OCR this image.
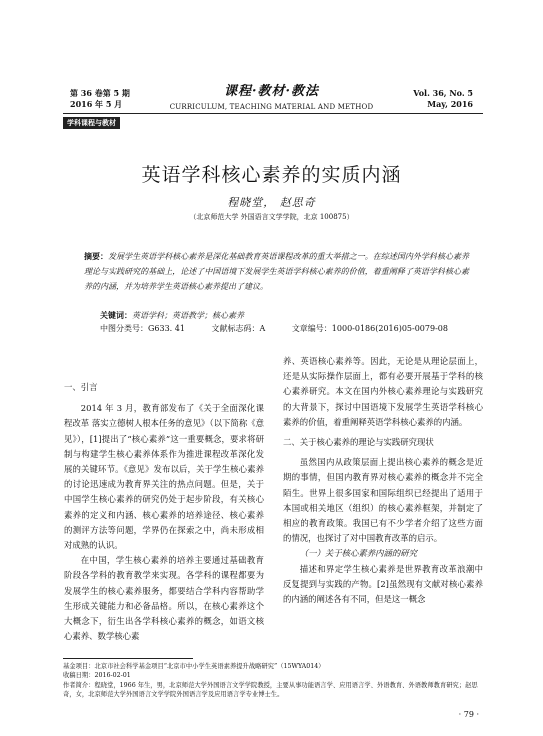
第 36 卷第 5 期
2016 年 5 月
课程·教材·教法
CURRICULUM, TEACHING MATERIAL AND METHOD
Vol. 36, No. 5
May, 2016
学科课程与教材
英语学科核心素养的实质内涵
程晓堂， 赵思奇
（北京师范大学 外国语言文学学院，北京 100875）
摘要：发展学生英语学科核心素养是深化基础教育英语课程改革的重大举措之一。在综述国内外学科核心素养理论与实践研究的基础上，论述了中国语境下发展学生英语学科核心素养的价值，着重阐释了英语学科核心素养的内涵，并为培养学生英语核心素养提出了建议。
关键词：英语学科；英语教学；核心素养
中图分类号：G633. 41	文献标志码：A	文章编号：1000-0186(2016)05-0079-08

一、引言

2014 年 3 月，教育部发布了《关于全面深化课程改革 落实立德树人根本任务的意见》（以下简称《意见》），[1]提出了“核心素养”这一重要概念，要求将研制与构建学生核心素养体系作为推进课程改革深化发展的关键环节。《意见》发布以后，关于学生核心素养的讨论迅速成为教育界关注的热点问题。但是，关于中国学生核心素养的研究仍处于起步阶段，有关核心素养的定义和内涵、核心素养的培养途径、核心素养的测评方法等问题，学界仍在探索之中，尚未形成相对成熟的认识。

在中国，学生核心素养的培养主要通过基础教育阶段各学科的教育教学来实现。各学科的课程都要为发展学生的核心素养服务，都要结合学科内容帮助学生形成关键能力和必备品格。所以，在核心素养这个大概念下，衍生出各学科核心素养的概念，如语文核心素养、数学核心素

养、英语核心素养等。因此，无论是从理论层面上，还是从实际操作层面上，都有必要开展基于学科的核心素养研究。本文在国内外核心素养理论与实践研究的大背景下，探讨中国语境下发展学生英语学科核心素养的价值，着重阐释英语学科核心素养的内涵。

二、关于核心素养的理论与实践研究现状

虽然国内从政策层面上提出核心素养的概念是近期的事情，但国内教育界对核心素养的概念并不完全陌生。世界上很多国家和国际组织已经提出了适用于本国或相关地区（组织）的核心素养框架，并制定了相应的教育政策。我国已有不少学者介绍了这些方面的情况，也探讨了对中国教育改革的启示。

（一）关于核心素养内涵的研究

描述和界定学生核心素养是世界教育改革浪潮中反复提到与实践的产物。[2]虽然现有文献对核心素养的内涵的阐述各有不同，但是这一概念

基金项目：北京市社会科学基金项目“北京市中小学生英语素养提升战略研究”（15WYA014）
收稿日期：2016-02-01
作者简介：程晓堂，1966 年生，男，北京师范大学外国语言文学学院教授，主要从事功能语言学、应用语言学、外语教育、外语教师教育研究；赵思奇，女，北京师范大学外国语言文学学院外国语言学及应用语言学专业博士生。
· 79 ·
